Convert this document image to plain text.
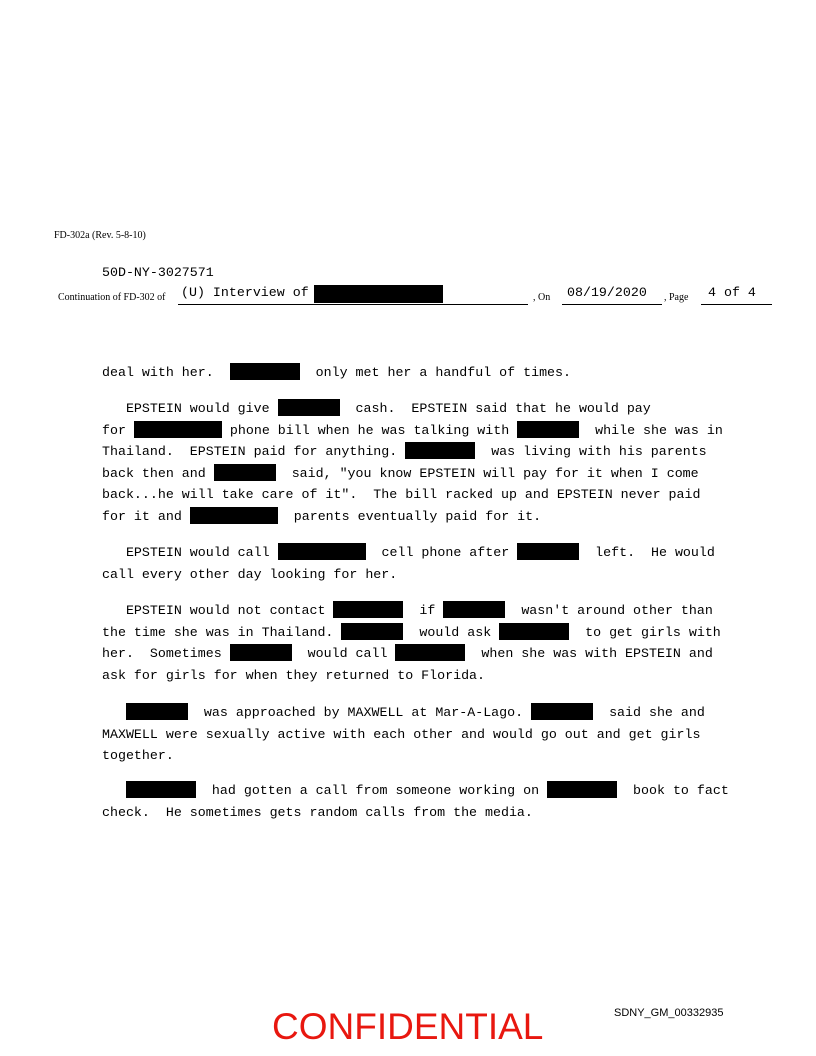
FD-302a (Rev. 5-8-10)
50D-NY-3027571
Continuation of FD-302 of (U) Interview of	, On 08/19/2020 , Page 4 of 4
deal with her.	only met her a handful of times.
EPSTEIN would give	cash.  EPSTEIN said that he would pay
for	phone bill when he was talking with	while she was in
Thailand.  EPSTEIN paid for anything.	was living with his parents
back then and	said, "you know EPSTEIN will pay for it when I come
back...he will take care of it".  The bill racked up and EPSTEIN never paid
for it and	parents eventually paid for it.
EPSTEIN would call	cell phone after	left.  He would
call every other day looking for her.
EPSTEIN would not contact	if	wasn't around other than
the time she was in Thailand.	would ask	to get girls with
her.  Sometimes	would call	when she was with EPSTEIN and
ask for girls for when they returned to Florida.
was approached by MAXWELL at Mar-A-Lago.	said she and
MAXWELL were sexually active with each other and would go out and get girls
together.
had gotten a call from someone working on	book to fact
check.  He sometimes gets random calls from the media.
SDNY_GM_00332935
CONFIDENTIAL
